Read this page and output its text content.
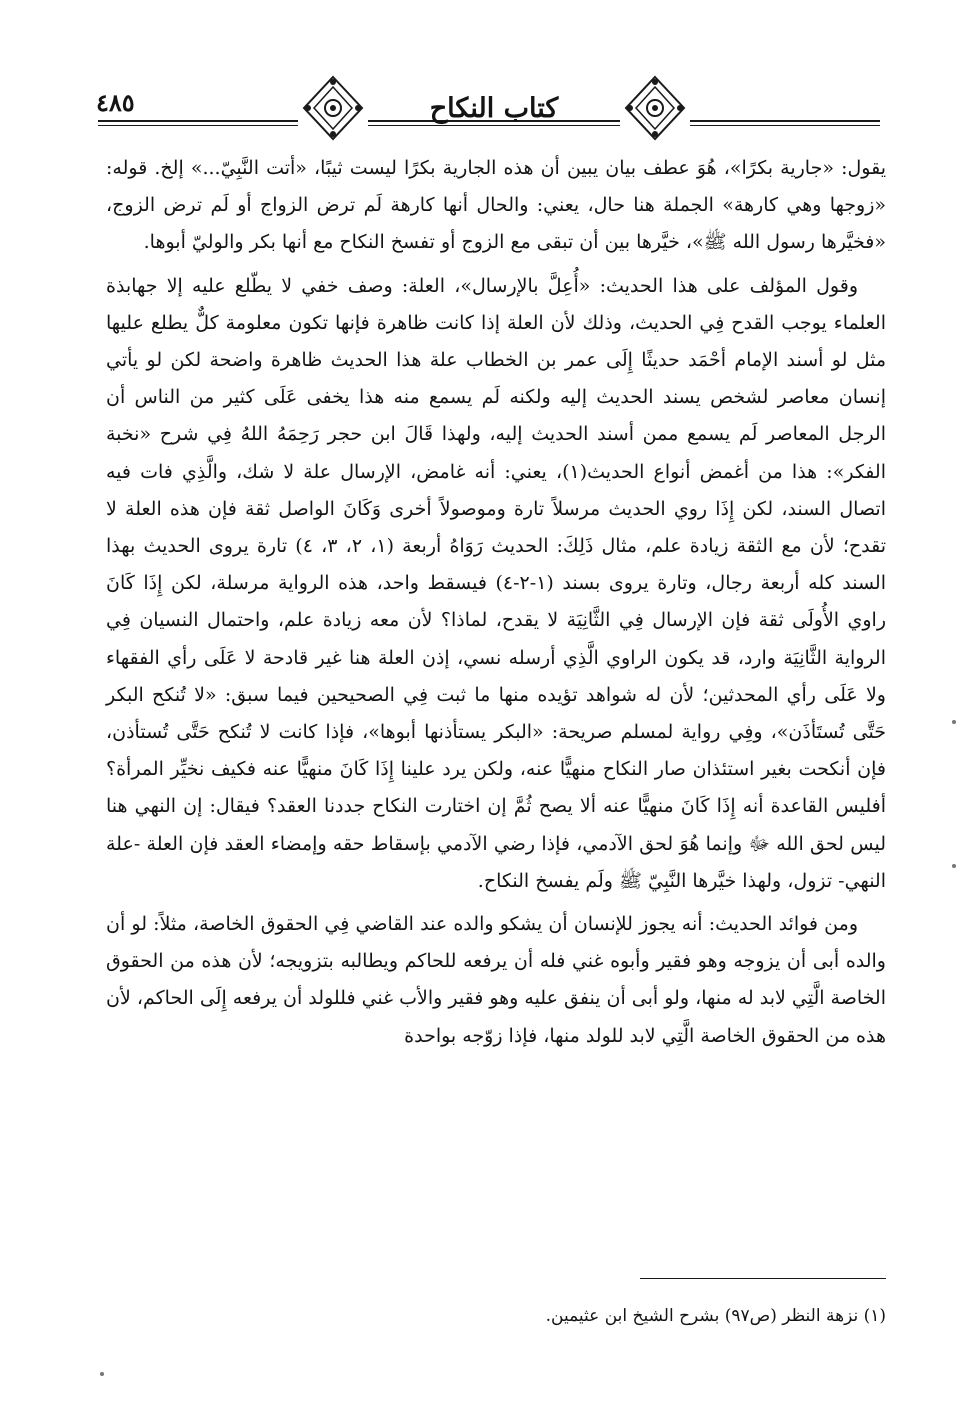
٤٨٥	كتاب النكاح

يقول: «جارية بكرًا»، هُوَ عطف بيان يبين أن هذه الجارية بكرًا ليست ثيبًا، «أتت النَّبِيّ...» إلخ. قوله: «زوجها وهي كارهة» الجملة هنا حال، يعني: والحال أنها كارهة لَم ترض الزواج أو لَم ترض الزوج، «فخيَّرها رسول الله ﷺ»، خيَّرها بين أن تبقى مع الزوج أو تفسخ النكاح مع أنها بكر والوليّ أبوها.

وقول المؤلف على هذا الحديث: «أُعِلَّ بالإرسال»، العلة: وصف خفي لا يطّلع عليه إلا جهابذة العلماء يوجب القدح فِي الحديث، وذلك لأن العلة إذا كانت ظاهرة فإنها تكون معلومة كلٌّ يطلع عليها مثل لو أسند الإمام أحْمَد حديثًا إِلَى عمر بن الخطاب علة هذا الحديث ظاهرة واضحة لكن لو يأتي إنسان معاصر لشخص يسند الحديث إليه ولكنه لَم يسمع منه هذا يخفى عَلَى كثير من الناس أن الرجل المعاصر لَم يسمع ممن أسند الحديث إليه، ولهذا قَالَ ابن حجر رَحِمَهُ اللهُ فِي شرح «نخبة الفكر»: هذا من أغمض أنواع الحديث(١)، يعني: أنه غامض، الإرسال علة لا شك، والَّذِي فات فيه اتصال السند، لكن إِذَا روي الحديث مرسلاً تارة وموصولاً أخرى وَكَانَ الواصل ثقة فإن هذه العلة لا تقدح؛ لأن مع الثقة زيادة علم، مثال ذَلِكَ: الحديث رَوَاهُ أربعة (١، ٢، ٣، ٤) تارة يروى الحديث بهذا السند كله أربعة رجال، وتارة يروى بسند (١-٢-٤) فيسقط واحد، هذه الرواية مرسلة، لكن إِذَا كَانَ راوي الأُولَى ثقة فإن الإرسال فِي الثَّانِيَة لا يقدح، لماذا؟ لأن معه زيادة علم، واحتمال النسيان فِي الرواية الثَّانِيَة وارد، قد يكون الراوي الَّذِي أرسله نسي، إذن العلة هنا غير قادحة لا عَلَى رأي الفقهاء ولا عَلَى رأي المحدثين؛ لأن له شواهد تؤيده منها ما ثبت فِي الصحيحين فيما سبق: «لا تُنكح البكر حَتَّى تُستَأذَن»، وفِي رواية لمسلم صريحة: «البكر يستأذنها أبوها»، فإذا كانت لا تُنكح حَتَّى تُستأذن، فإن أنكحت بغير استئذان صار النكاح منهيًّا عنه، ولكن يرد علينا إِذَا كَانَ منهيًّا عنه فكيف نخيِّر المرأة؟ أفليس القاعدة أنه إِذَا كَانَ منهيًّا عنه ألا يصح ثُمَّ إن اختارت النكاح جددنا العقد؟ فيقال: إن النهي هنا ليس لحق الله ﷻ وإنما هُوَ لحق الآدمي، فإذا رضي الآدمي بإسقاط حقه وإمضاء العقد فإن العلة -علة النهي- تزول، ولهذا خيَّرها النَّبِيّ ﷺ ولَم يفسخ النكاح.

ومن فوائد الحديث: أنه يجوز للإنسان أن يشكو والده عند القاضي فِي الحقوق الخاصة، مثلاً: لو أن والده أبى أن يزوجه وهو فقير وأبوه غني فله أن يرفعه للحاكم ويطالبه بتزويجه؛ لأن هذه من الحقوق الخاصة الَّتِي لابد له منها، ولو أبى أن ينفق عليه وهو فقير والأب غني فللولد أن يرفعه إِلَى الحاكم، لأن هذه من الحقوق الخاصة الَّتِي لابد للولد منها، فإذا زوّجه بواحدة

(١) نزهة النظر (ص٩٧) بشرح الشيخ ابن عثيمين.
